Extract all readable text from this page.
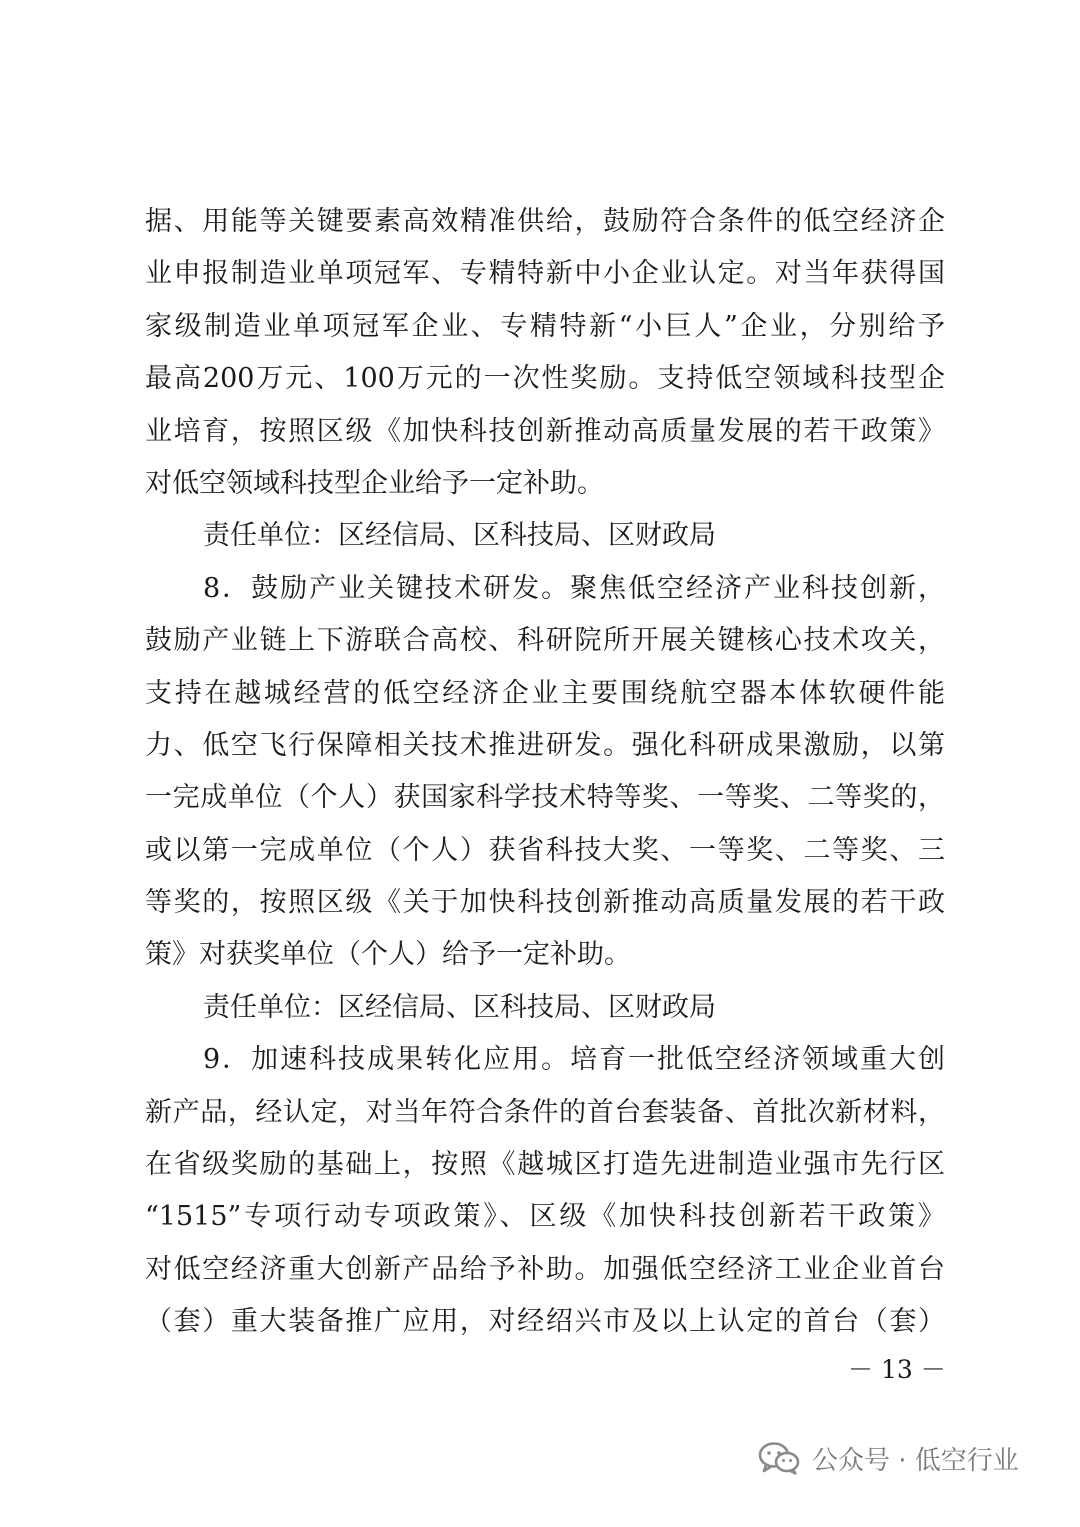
据、用能等关键要素高效精准供给，鼓励符合条件的低空经济企
业申报制造业单项冠军、专精特新中小企业认定。对当年获得国
家级制造业单项冠军企业、专精特新“小巨人”企业，分别给予
最高200万元、100万元的一次性奖励。支持低空领域科技型企
业培育，按照区级《加快科技创新推动高质量发展的若干政策》
对低空领域科技型企业给予一定补助。
责任单位：区经信局、区科技局、区财政局
8．鼓励产业关键技术研发。聚焦低空经济产业科技创新，
鼓励产业链上下游联合高校、科研院所开展关键核心技术攻关，
支持在越城经营的低空经济企业主要围绕航空器本体软硬件能
力、低空飞行保障相关技术推进研发。强化科研成果激励，以第
一完成单位（个人）获国家科学技术特等奖、一等奖、二等奖的，
或以第一完成单位（个人）获省科技大奖、一等奖、二等奖、三
等奖的，按照区级《关于加快科技创新推动高质量发展的若干政
策》对获奖单位（个人）给予一定补助。
责任单位：区经信局、区科技局、区财政局
9．加速科技成果转化应用。培育一批低空经济领域重大创
新产品，经认定，对当年符合条件的首台套装备、首批次新材料，
在省级奖励的基础上，按照《越城区打造先进制造业强市先行区
“1515”专项行动专项政策》、区级《加快科技创新若干政策》
对低空经济重大创新产品给予补助。加强低空经济工业企业首台
（套）重大装备推广应用，对经绍兴市及以上认定的首台（套）
－ 13 －
公众号 · 低空行业
